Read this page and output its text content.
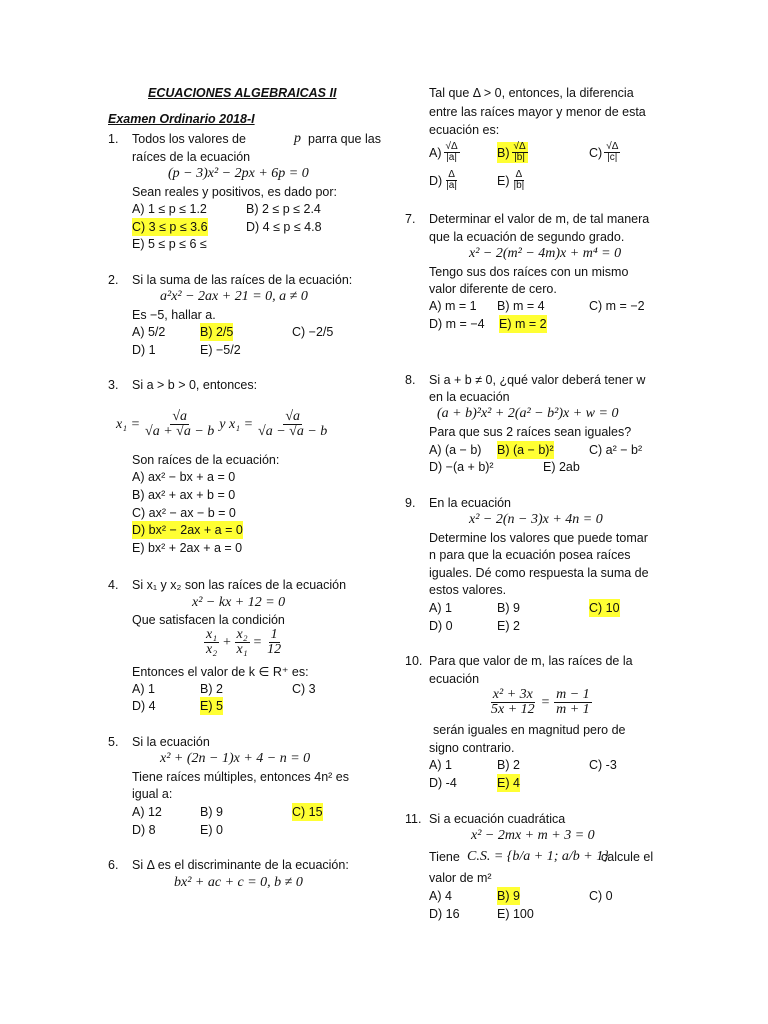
ECUACIONES ALGEBRAICAS II
Examen Ordinario 2018-I
1. Todos los valores de	p parra que las
raíces de la ecuación
(p − 3)x² − 2px + 6p = 0
Sean reales y positivos, es dado por:
A) 1 ≤ p ≤ 1.2	B) 2 ≤ p ≤ 2.4
C) 3 ≤ p ≤ 3.6	D) 4 ≤ p ≤ 4.8
E) 5 ≤ p ≤ 6 ≤
2. Si la suma de las raíces de la ecuación:
a²x² − 2ax + 21 = 0, a ≠ 0
Es −5, hallar a.
A) 5/2	B) 2/5	C) −2/5
D) 1	E) −5/2
3. Si a > b > 0, entonces:
$x_1 = \frac{√a}{√a + √a - b}$ y $x_1 = \frac{√a}{√a - √a - b}$
Son raíces de la ecuación:
A) ax² − bx + a = 0
B) ax² + ax + b = 0
C) ax² − ax − b = 0
D) bx² − 2ax + a = 0
E) bx² + 2ax + a = 0
4. Si x₁ y x₂ son las raíces de la ecuación
x² − kx + 12 = 0
Que satisfacen la condición
$\frac{\text{x₁}}{\text{x₂}} + \frac{\text{x₂}}{\text{x₁}} = \frac{1}{12}$
Entonces el valor de k ∈ R⁺ es:
A) 1	B) 2	C) 3
D) 4	E) 5
5. Si la ecuación
x² + (2n − 1)x + 4 − n = 0
Tiene raíces múltiples, entonces 4n² es
igual a:
A) 12	B) 9	C) 15
D) 8	E) 0
6. Si Δ es el discriminante de la ecuación:
bx² + ac + c = 0, b ≠ 0
Tal que Δ > 0, entonces, la diferencia
entre las raíces mayor y menor de esta
ecuación es:
$A) \frac{√\Delta}{|a|}$	$B) \frac{√\Delta}{|b|}$	$C) \frac{√\Delta}{|c|}$
$D) \frac{\Delta}{|a|}$	$E) \frac{\Delta}{|b|}$
7. Determinar el valor de m, de tal manera
que la ecuación de segundo grado.
x² − 2(m² − 4m)x + m⁴ = 0
Tengo sus dos raíces con un mismo
valor diferente de cero.
A) m = 1 B) m = 4	C) m = −2
D) m = −4 E) m = 2
8. Si a + b ≠ 0, ¿qué valor deberá tener w
en la ecuación
(a + b)²x² + 2(a² − b²)x + w = 0
Para que sus 2 raíces sean iguales?
A) (a − b) B) (a − b)²	C) a² − b²
D) −(a + b)²	E) 2ab
9. En la ecuación
x² − 2(n − 3)x + 4n = 0
Determine los valores que puede tomar
n para que la ecuación posea raíces
iguales. Dé como respuesta la suma de
estos valores.
A) 1	B) 9	C) 10
D) 0	E) 2
10. Para que valor de m, las raíces de la
ecuación
$\frac{\text{x² + 3x}}{5x + 12} = \frac{m - 1}{m + 1}$
serán iguales en magnitud pero de
signo contrario.
A) 1	B) 2	C) -3
D) -4	E) 4
11. Si a ecuación cuadrática
x² − 2mx + m + 3 = 0
Tiene C.S. = {b/a + 1; a/b + 1}
calcule el
valor de m²
A) 4	B) 9	C) 0
D) 16	E) 100
